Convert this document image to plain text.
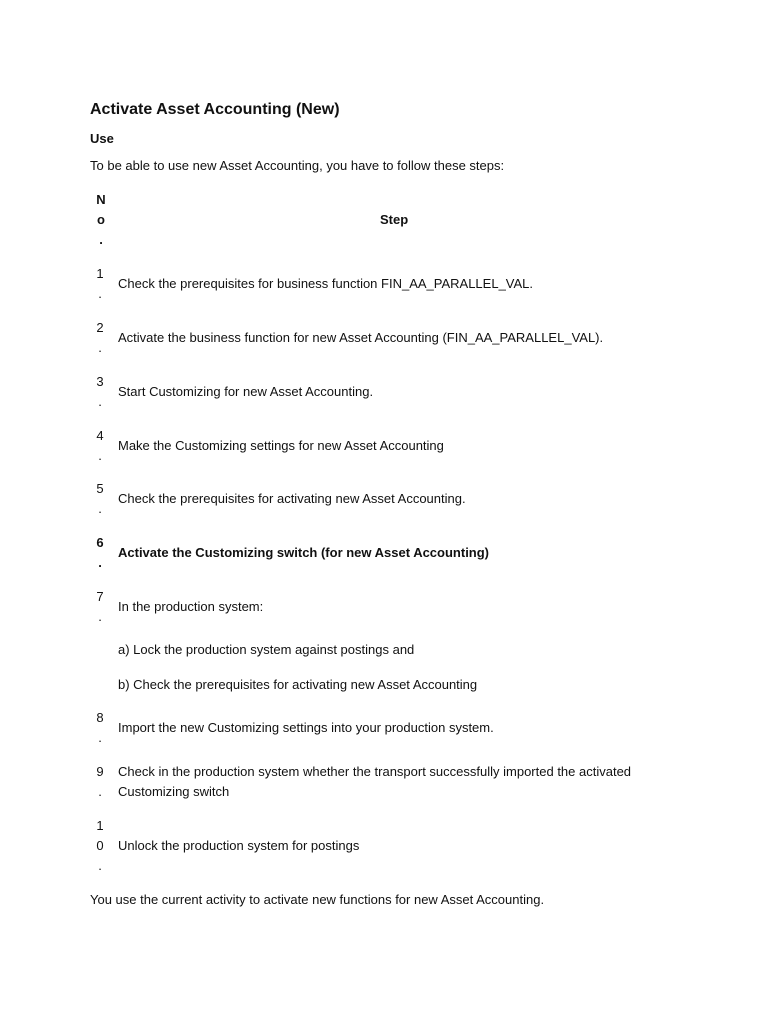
Activate Asset Accounting (New)
Use
To be able to use new Asset Accounting, you have to follow these steps:
N
o
.
Step
1
.
Check the prerequisites for business function FIN_AA_PARALLEL_VAL.
2
.
Activate the business function for new Asset Accounting (FIN_AA_PARALLEL_VAL).
3
.
Start Customizing for new Asset Accounting.
4
.
Make the Customizing settings for new Asset Accounting
5
.
Check the prerequisites for activating new Asset Accounting.
6
.
Activate the Customizing switch (for new Asset Accounting)
7
.
In the production system:
a) Lock the production system against postings and
b) Check the prerequisites for activating new Asset Accounting
8
.
Import the new Customizing settings into your production system.
9
.
Check in the production system whether the transport successfully imported the activated
Customizing switch
1
0
.
Unlock the production system for postings
You use the current activity to activate new functions for new Asset Accounting.
